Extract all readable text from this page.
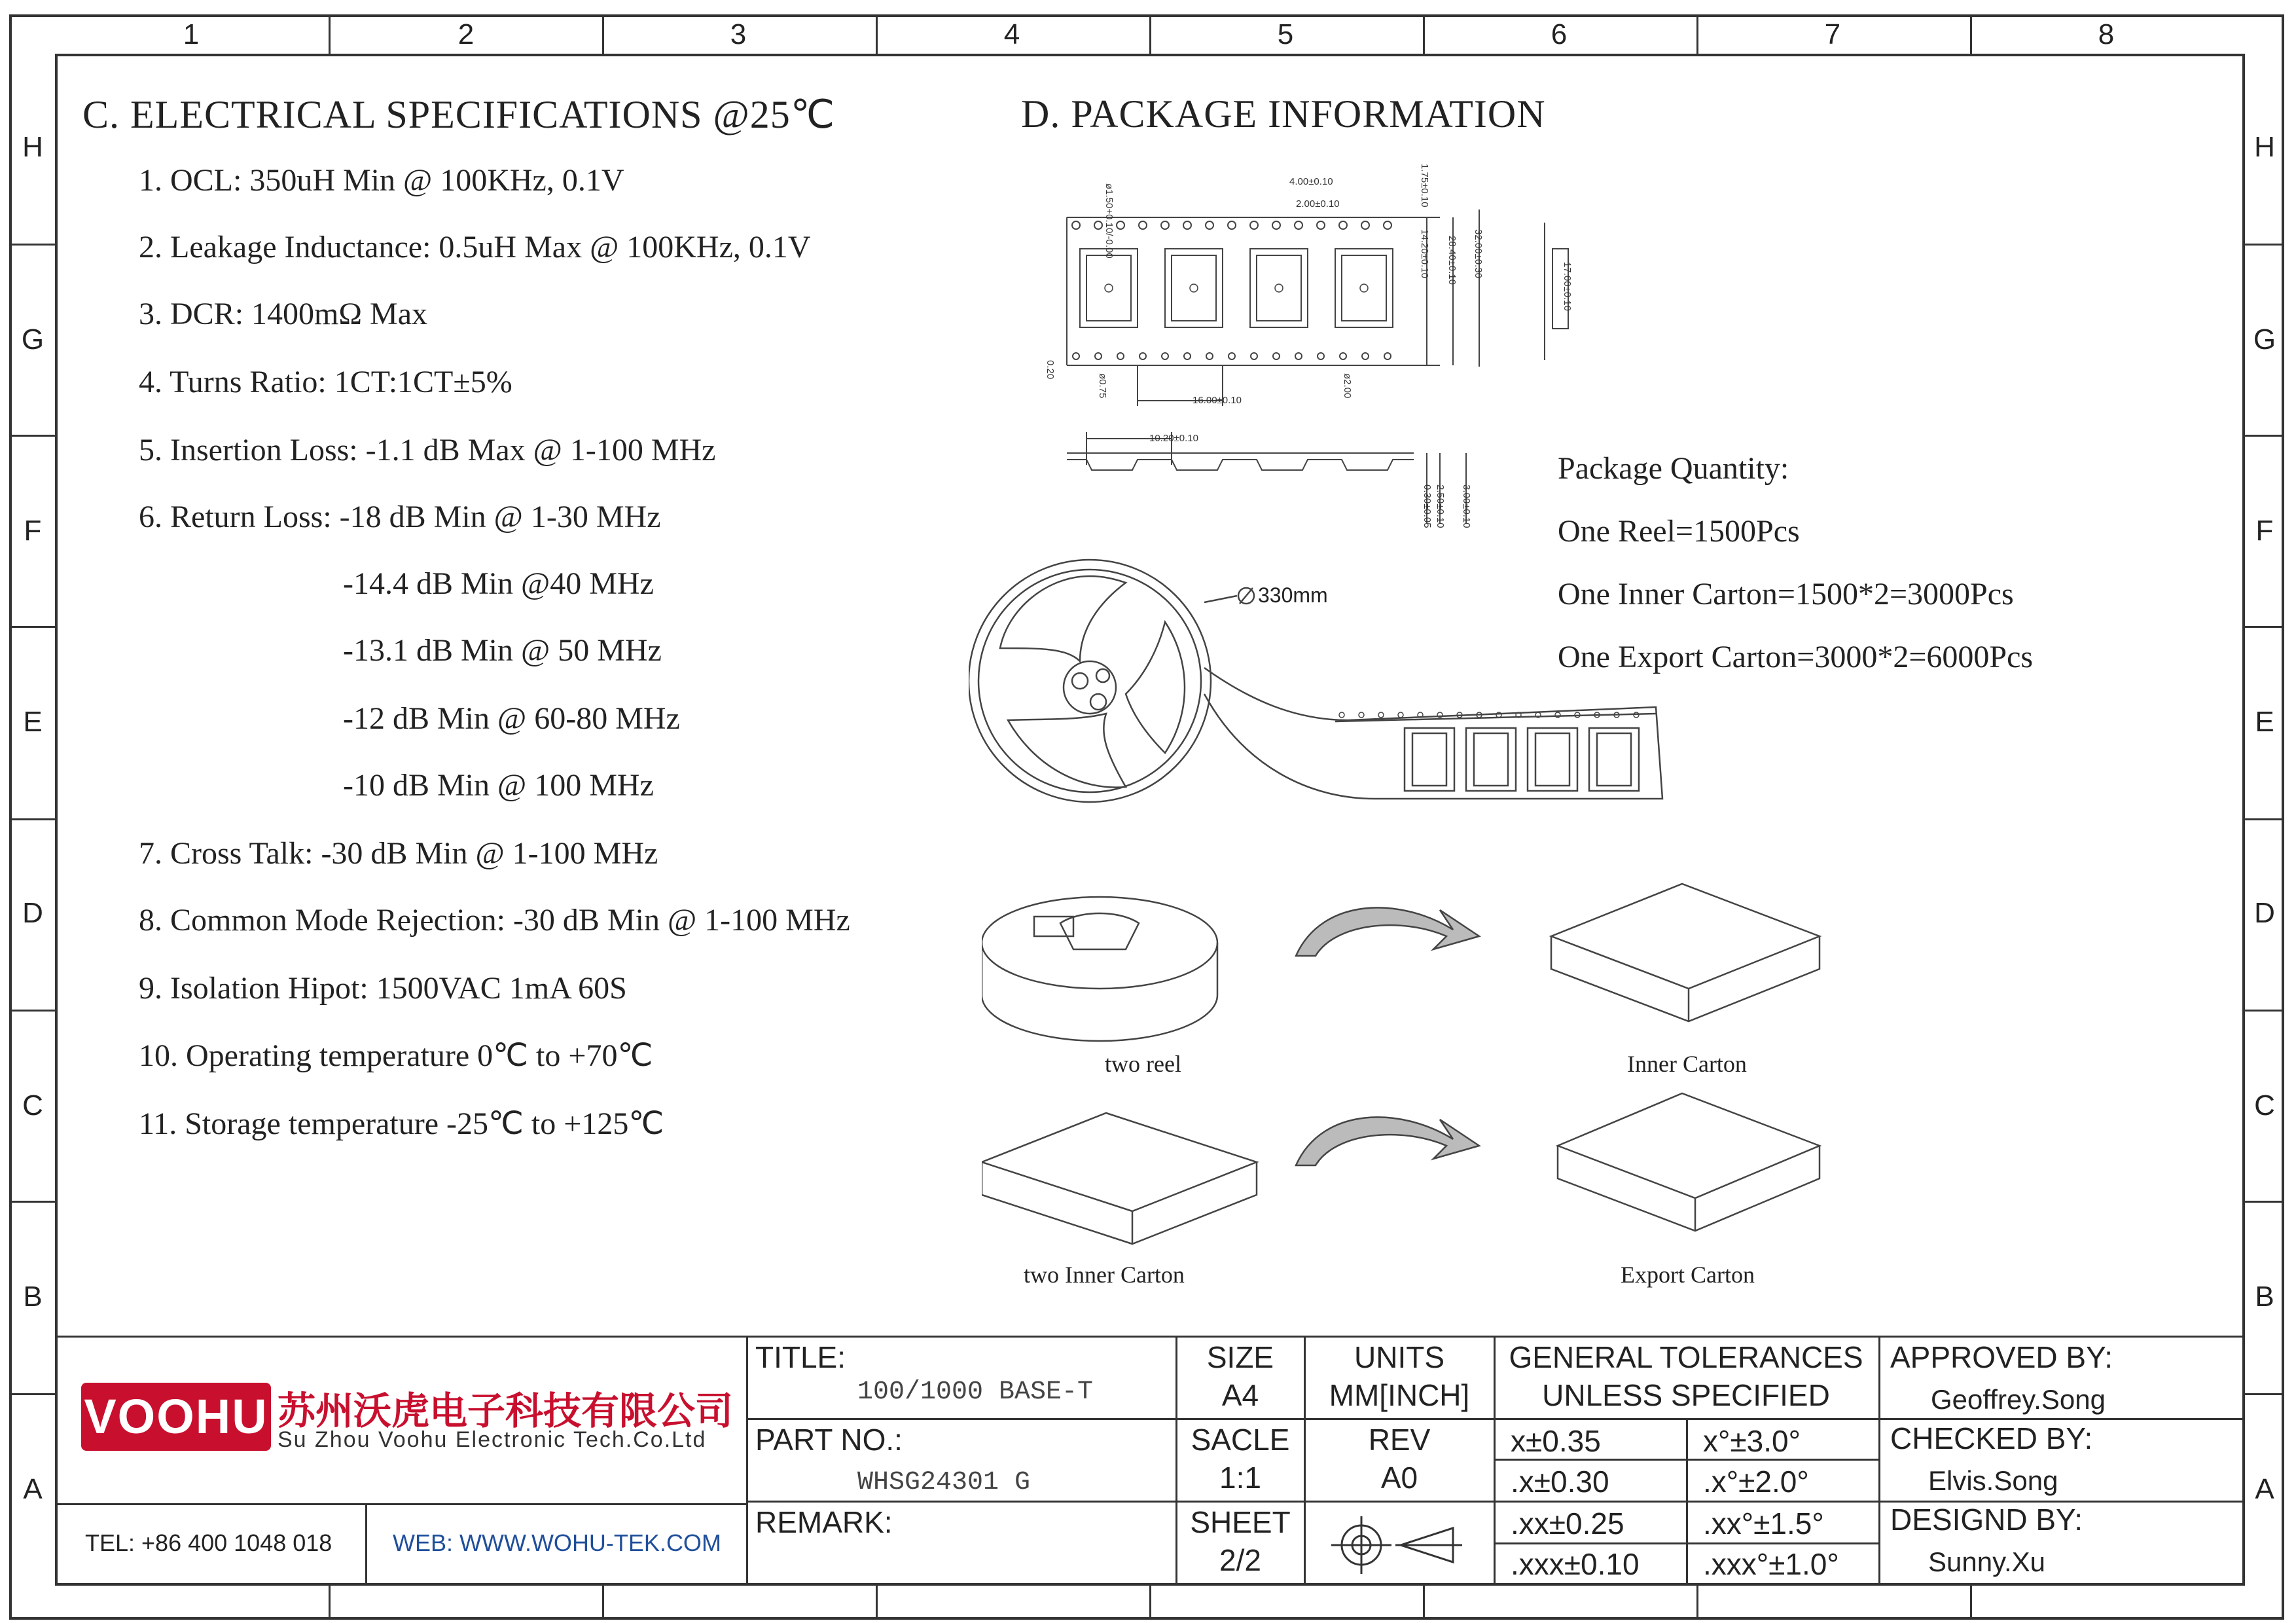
1	2	3	4	5	6	7	8
H
G
F
E
D
C
B
A
H
G
F
E
D
C
B
A
C. ELECTRICAL SPECIFICATIONS @25℃
1. OCL: 350uH Min @ 100KHz, 0.1V
2. Leakage Inductance: 0.5uH Max @ 100KHz, 0.1V
3. DCR: 1400mΩ Max
4. Turns Ratio: 1CT:1CT±5%
5. Insertion Loss: -1.1 dB Max @ 1-100 MHz
6. Return Loss: -18 dB Min @ 1-30 MHz
-14.4 dB Min @40 MHz
-13.1 dB Min @ 50 MHz
-12 dB Min @ 60-80 MHz
-10 dB Min @ 100 MHz
7. Cross Talk: -30 dB Min @ 1-100 MHz
8. Common Mode Rejection: -30 dB Min @ 1-100 MHz
9. Isolation Hipot: 1500VAC 1mA 60S
10. Operating temperature 0℃ to +70℃
11. Storage temperature -25℃ to +125℃
D. PACKAGE INFORMATION
ø1.50+0.10/-0.00
4.00±0.10
2.00±0.10	1.75±0.10
14.20±0.10 28.40±0.10 32.00±0.30
17.00±0.10
0.20
ø0.75
16.00±0.10
ø2.00
10.20±0.10
0.30±0.05 2.50±0.10 3.00±0.10
Package Quantity:
One Reel=1500Pcs
One Inner Carton=1500*2=3000Pcs
One Export Carton=3000*2=6000Pcs
330mm
two reel	Inner Carton
two Inner Carton	Export Carton
VOOHU 苏州沃虎电子科技有限公司
Su Zhou Voohu Electronic Tech.Co.Ltd
TEL: +86 400 1048 018	WEB: WWW.WOHU-TEK.COM
TITLE:
100/1000 BASE-T
PART NO.:
WHSG24301 G
REMARK:
SIZE
A4
SACLE
1:1
SHEET
2/2
UNITS
MM[INCH]
REV
A0
GENERAL TOLERANCES
UNLESS SPECIFIED
x±0.35	x°±3.0°
.x±0.30	.x°±2.0°
.xx±0.25	.xx°±1.5°
.xxx±0.10 .xxx°±1.0°
APPROVED BY:
Geoffrey.Song
CHECKED BY:
Elvis.Song
DESIGND BY:
Sunny.Xu
